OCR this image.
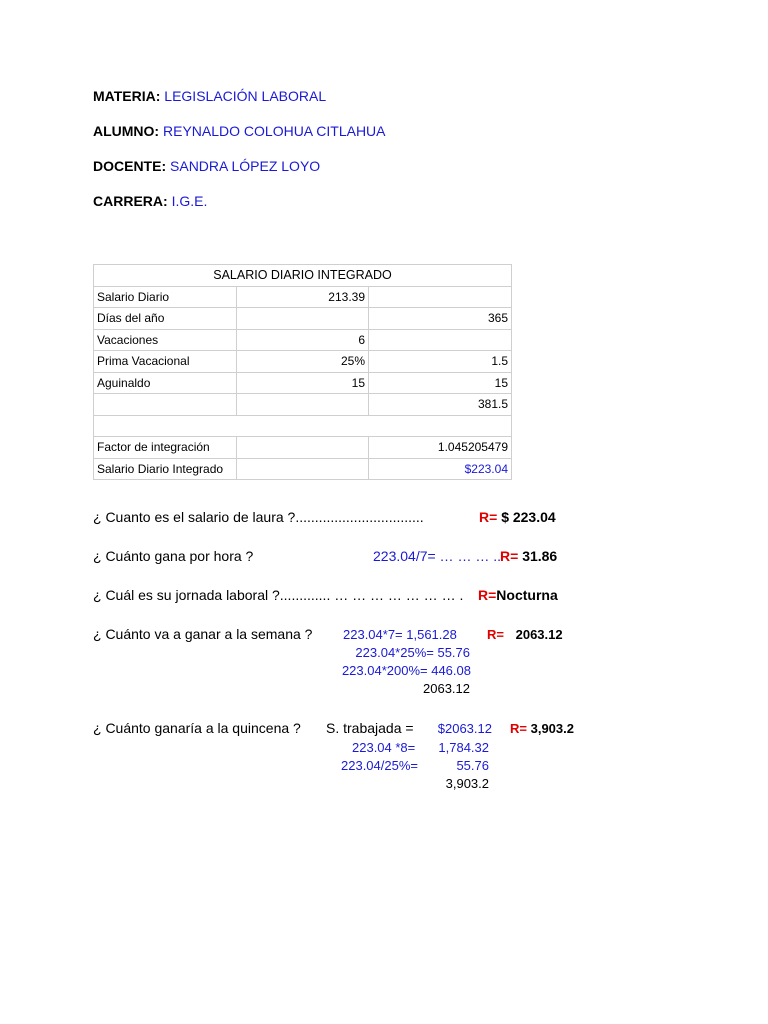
MATERIA: LEGISLACIÓN LABORAL
ALUMNO: REYNALDO COLOHUA CITLAHUA
DOCENTE: SANDRA LÓPEZ LOYO
CARRERA: I.G.E.
SALARIO DIARIO INTEGRADO		
Salario Diario	213.39	
Días del año		365
Vacaciones	6	
Prima Vacacional	25%	1.5
Aguinaldo	15	15
		381.5

Factor de integración		1.045205479
Salario Diario Integrado		$223.04
¿ Cuanto es el salario de laura ?.................................	R= $ 223.04
¿ Cuánto gana por hora ?	223.04/7= … … … ..
R= 31.86
¿ Cuál es su jornada laboral ?............. … … … … … … … . R=Nocturna
¿ Cuánto va a ganar a la semana ? 223.04*7= 1,561.28 R= 2063.12
223.04*25%= 55.76
223.04*200%= 446.08
2063.12
¿ Cuánto ganaría a la quincena ? S. trabajada = $2063.12 R= 3,903.2
223.04 *8= 1,784.32
223.04/25%=	55.76
3,903.2
